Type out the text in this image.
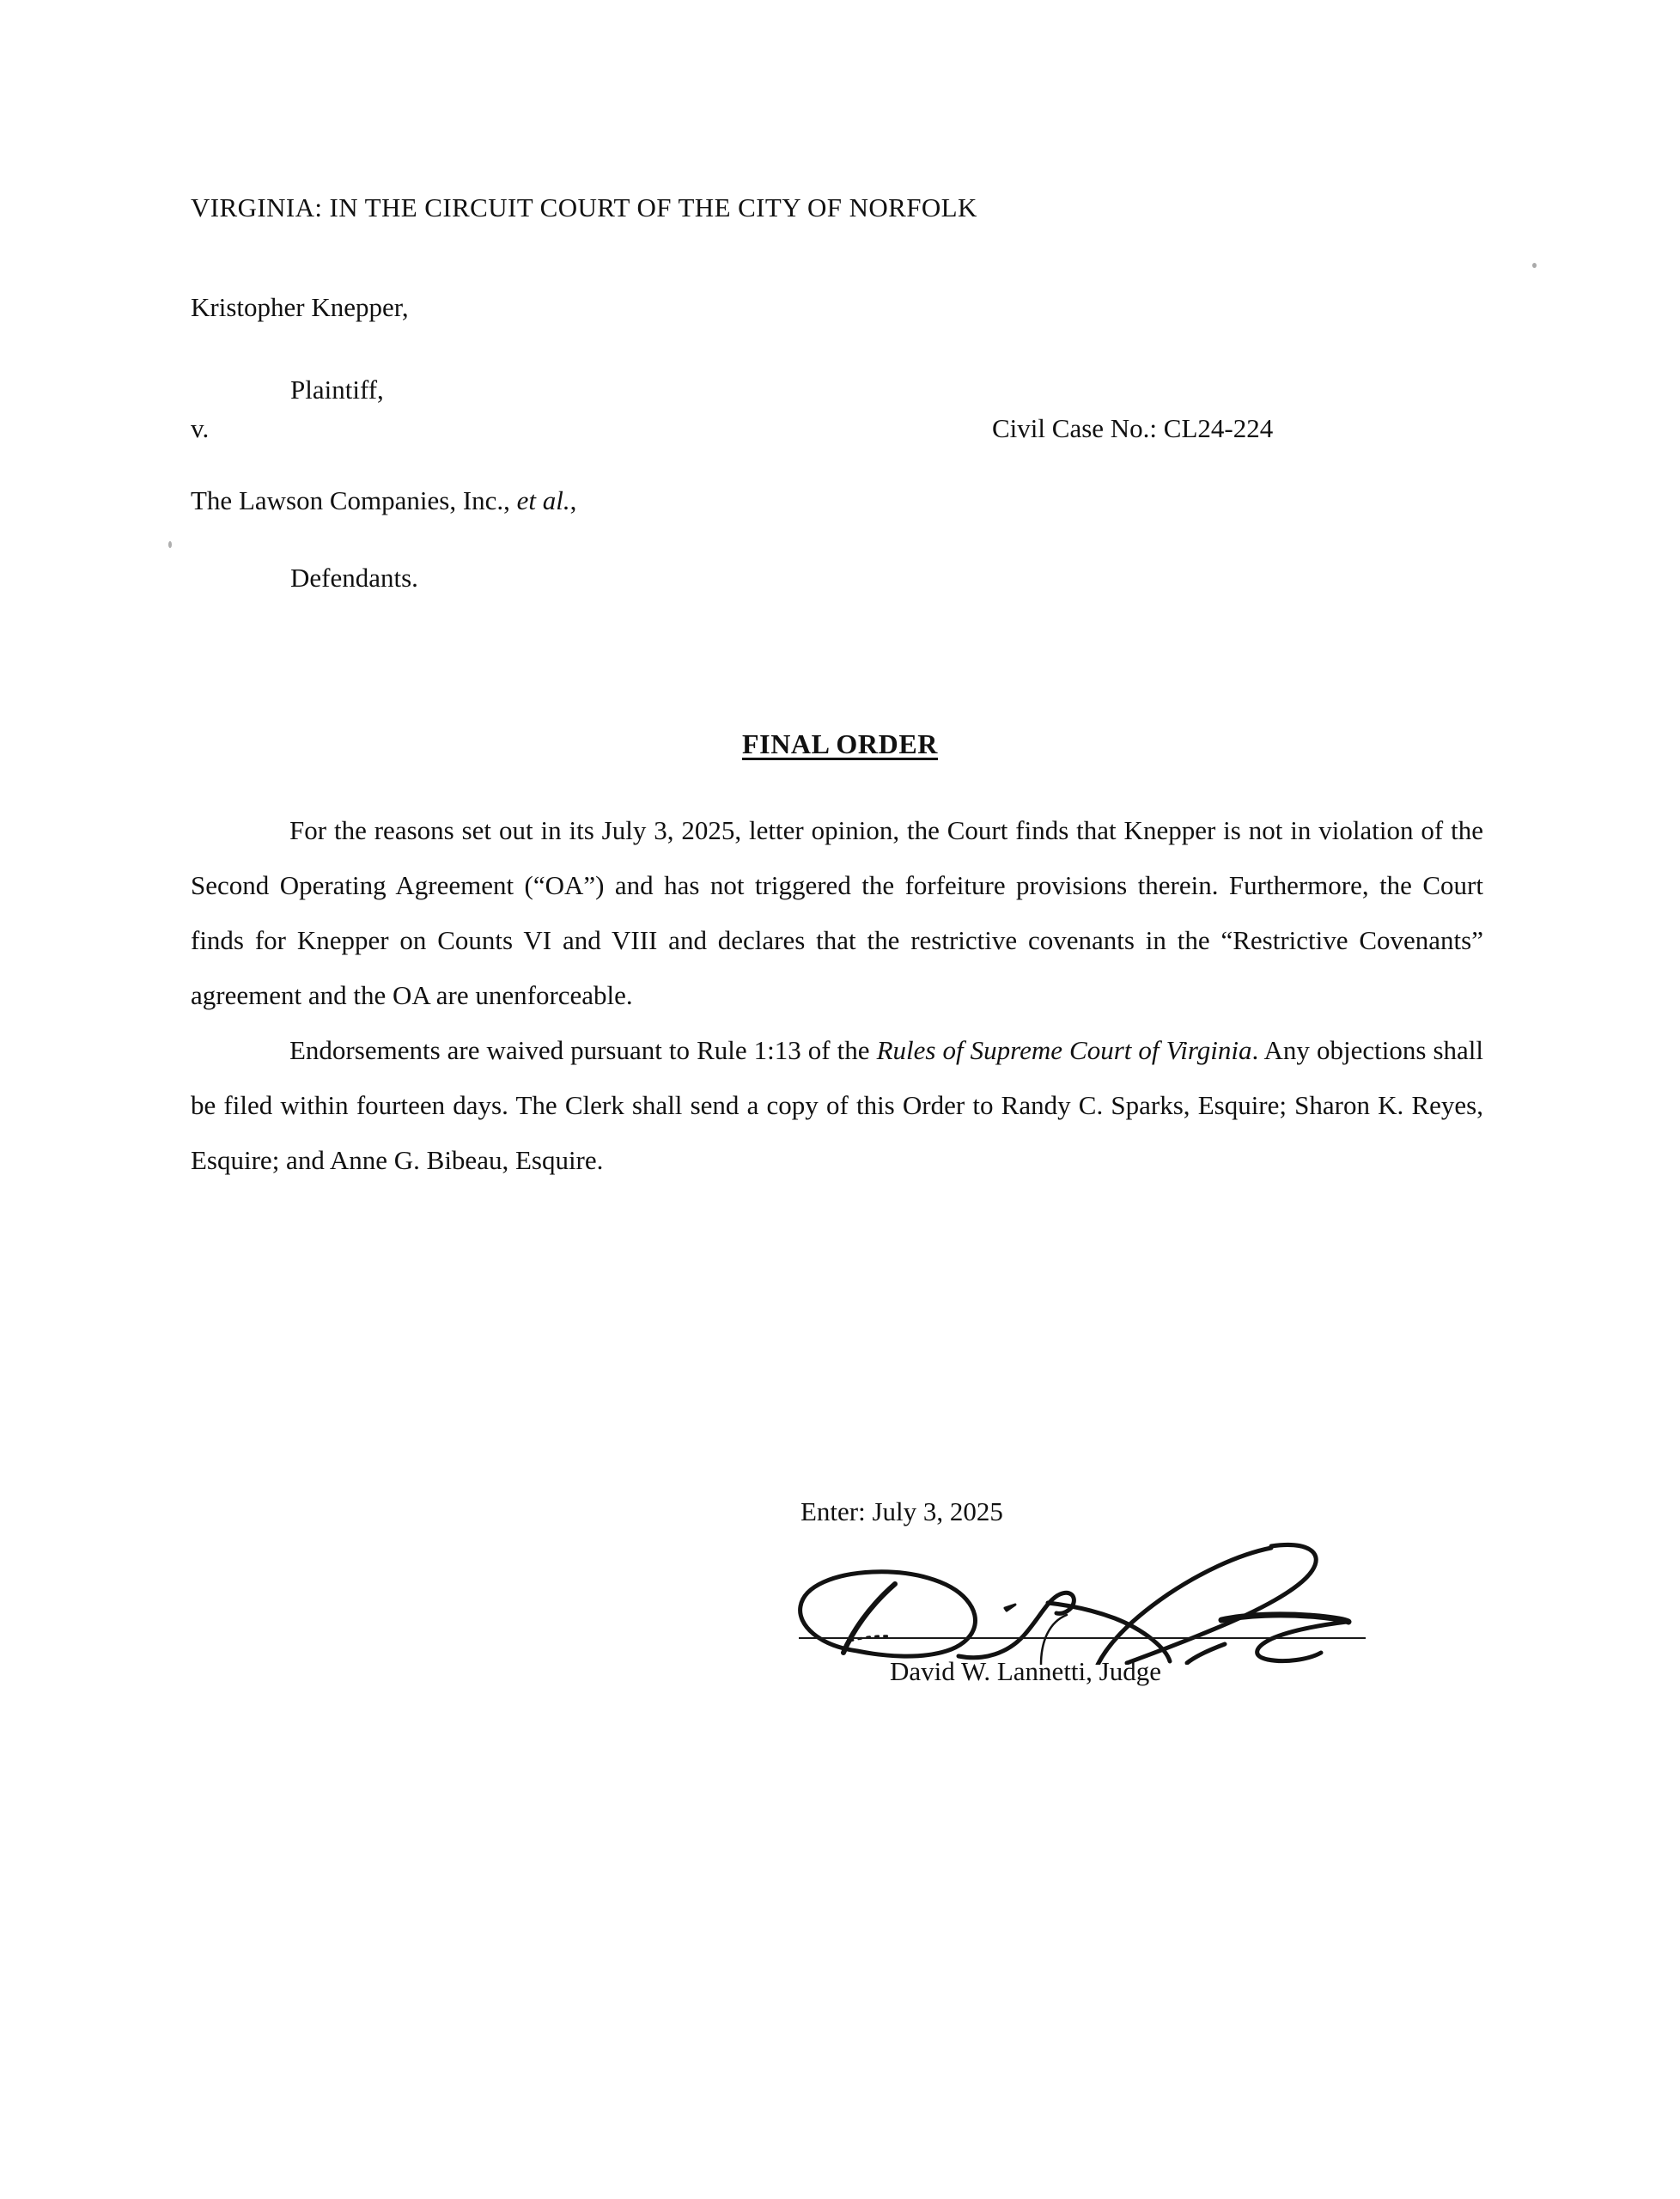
VIRGINIA: IN THE CIRCUIT COURT OF THE CITY OF NORFOLK
Kristopher Knepper,
Plaintiff,
v.	Civil Case No.: CL24-224
The Lawson Companies, Inc., et al.,
Defendants.
FINAL ORDER

For the reasons set out in its July 3, 2025, letter opinion, the Court finds that Knepper is not in violation of the Second Operating Agreement (“OA”) and has not triggered the forfeiture provisions therein. Furthermore, the Court finds for Knepper on Counts VI and VIII and declares that the restrictive covenants in the “Restrictive Covenants” agreement and the OA are unenforceable.

Endorsements are waived pursuant to Rule 1:13 of the Rules of Supreme Court of Virginia. Any objections shall be filed within fourteen days. The Clerk shall send a copy of this Order to Randy C. Sparks, Esquire; Sharon K. Reyes, Esquire; and Anne G. Bibeau, Esquire.

Enter: July 3, 2025
David W. Lannetti, Judge
